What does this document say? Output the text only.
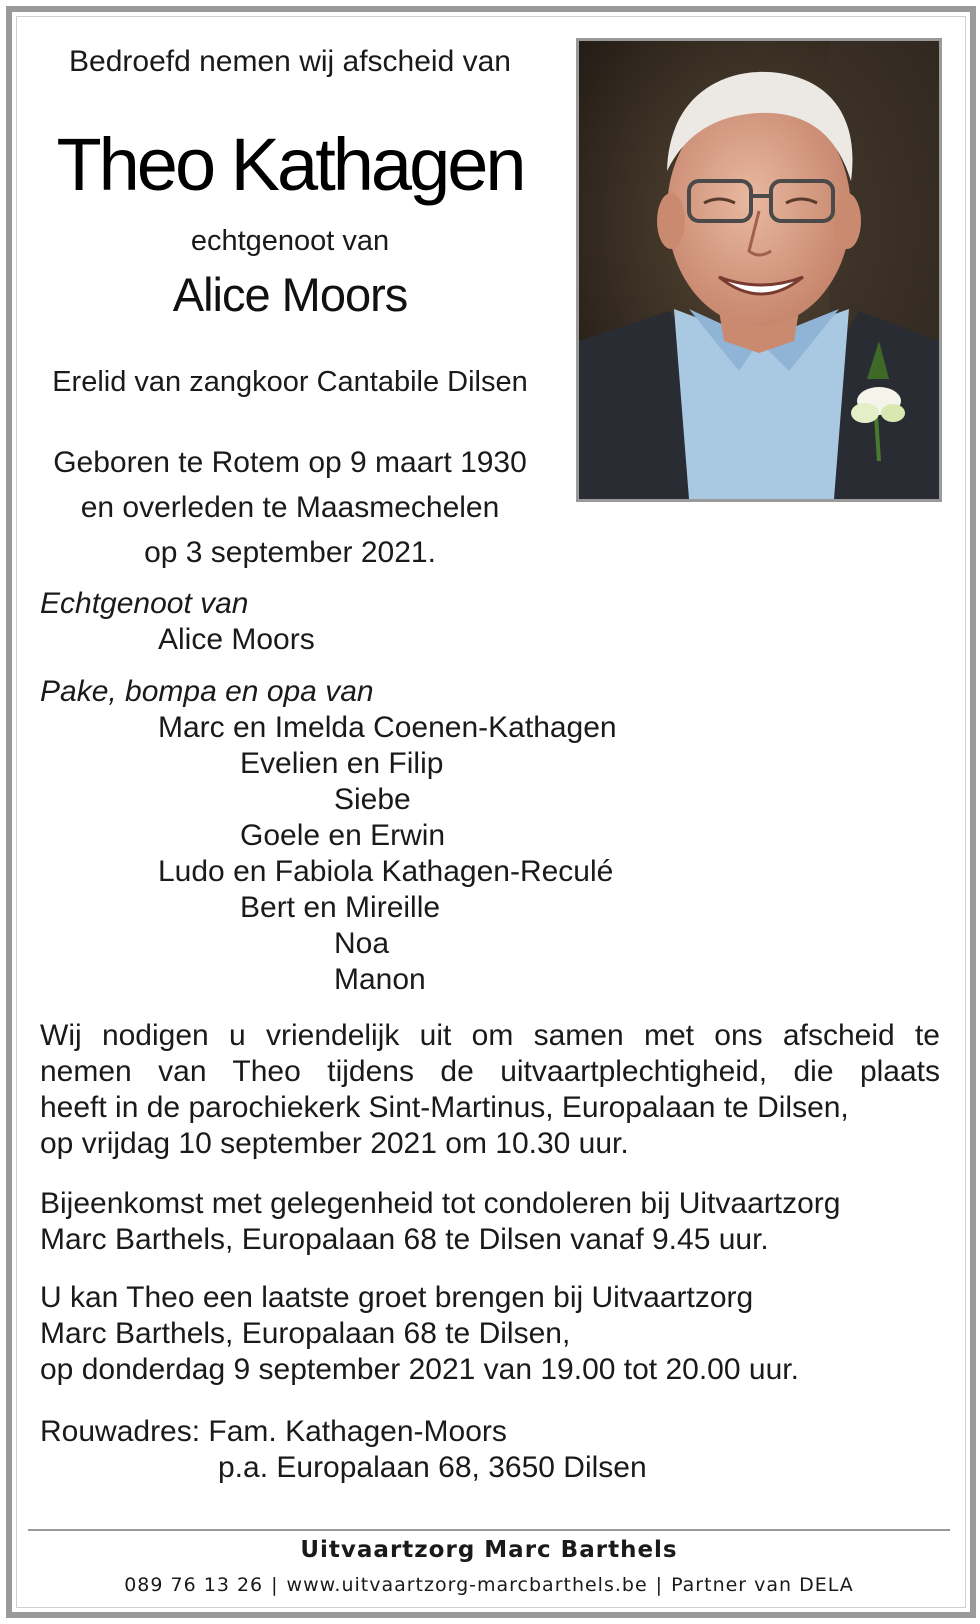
Bedroefd nemen wij afscheid van
Theo Kathagen
echtgenoot van
Alice Moors
Erelid van zangkoor Cantabile Dilsen
Geboren te Rotem op 9 maart 1930
en overleden te Maasmechelen
op 3 september 2021.
Echtgenoot van
Alice Moors
Pake, bompa en opa van
Marc en Imelda Coenen-Kathagen
Evelien en Filip
Siebe
Goele en Erwin
Ludo en Fabiola Kathagen-Reculé
Bert en Mireille
Noa
Manon
Wij nodigen u vriendelijk uit om samen met ons afscheid te
nemen van Theo tijdens de uitvaartplechtigheid, die plaats
heeft in de parochiekerk Sint-Martinus, Europalaan te Dilsen,
op vrijdag 10 september 2021 om 10.30 uur.
Bijeenkomst met gelegenheid tot condoleren bij Uitvaartzorg
Marc Barthels, Europalaan 68 te Dilsen vanaf 9.45 uur.
U kan Theo een laatste groet brengen bij Uitvaartzorg
Marc Barthels, Europalaan 68 te Dilsen,
op donderdag 9 september 2021 van 19.00 tot 20.00 uur.
Rouwadres: Fam. Kathagen-Moors
p.a. Europalaan 68, 3650 Dilsen
Uitvaartzorg Marc Barthels
089 76 13 26 | www.uitvaartzorg-marcbarthels.be | Partner van DELA
